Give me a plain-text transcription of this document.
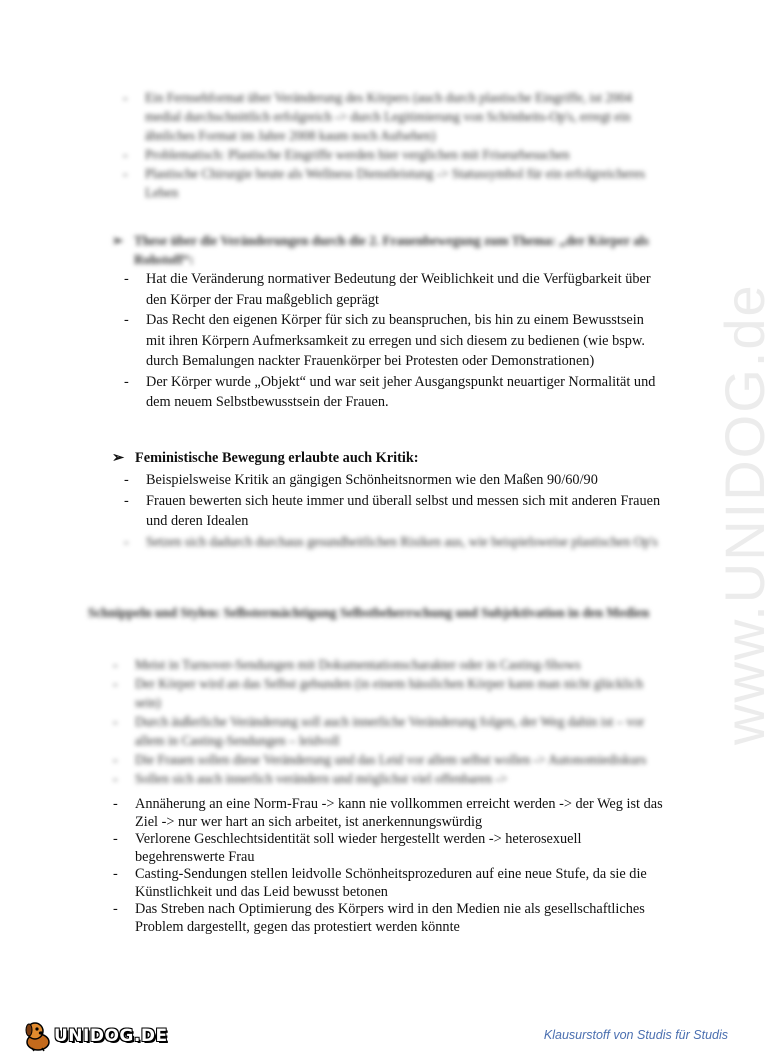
www.UNIDOG.de
- Ein Fernsehformat über Veränderung des Körpers (auch durch plastische Eingriffe, ist 2004 medial durchschnittlich erfolgreich -> durch Legitimierung von Schönheits-Op's, erregt ein ähnliches Format im Jahre 2008 kaum noch Aufsehen)
- Problematisch: Plastische Eingriffe werden hier verglichen mit Friseurbesuchen
- Plastische Chirurgie heute als Wellness Dienstleistung -> Statussymbol für ein erfolgreicheres Leben
➢ These über die Veränderungen durch die 2. Frauenbewegung zum Thema: „der Körper als Rohstoff“:
- Hat die Veränderung normativer Bedeutung der Weiblichkeit und die Verfügbarkeit über den Körper der Frau maßgeblich geprägt
- Das Recht den eigenen Körper für sich zu beanspruchen, bis hin zu einem Bewusstsein mit ihren Körpern Aufmerksamkeit zu erregen und sich diesem zu bedienen (wie bspw. durch Bemalungen nackter Frauenkörper bei Protesten oder Demonstrationen)
- Der Körper wurde „Objekt“ und war seit jeher Ausgangspunkt neuartiger Normalität und dem neuem Selbstbewusstsein der Frauen.
➢ Feministische Bewegung erlaubte auch Kritik:
- Beispielsweise Kritik an gängigen Schönheitsnormen wie den Maßen 90/60/90
- Frauen bewerten sich heute immer und überall selbst und messen sich mit anderen Frauen und deren Idealen
- Setzen sich dadurch durchaus gesundheitlichen Risiken aus, wie beispielsweise plastischen Op's
Schnippeln und Stylen: Selbstermächtigung Selbstbeherrschung und Subjektivation in den Medien
- Meist in Turnover-Sendungen mit Dokumentationscharakter oder in Casting-Shows
- Der Körper wird an das Selbst gebunden (in einem hässlichen Körper kann man nicht glücklich sein)
- Durch äußerliche Veränderung soll auch innerliche Veränderung folgen, der Weg dahin ist – vor allem in Casting-Sendungen – leidvoll
- Die Frauen sollen diese Veränderung und das Leid vor allem selbst wollen -> Autonomiediskurs
- Sollen sich auch innerlich verändern und möglichst viel offenbaren ->
- Annäherung an eine Norm-Frau -> kann nie vollkommen erreicht werden -> der Weg ist das Ziel -> nur wer hart an sich arbeitet, ist anerkennungswürdig
- Verlorene Geschlechtsidentität soll wieder hergestellt werden -> heterosexuell begehrenswerte Frau
- Casting-Sendungen stellen leidvolle Schönheitsprozeduren auf eine neue Stufe, da sie die Künstlichkeit und das Leid bewusst betonen
- Das Streben nach Optimierung des Körpers wird in den Medien nie als gesellschaftliches Problem dargestellt, gegen das protestiert werden könnte
UNIDOG.DE	Klausurstoff von Studis für Studis
